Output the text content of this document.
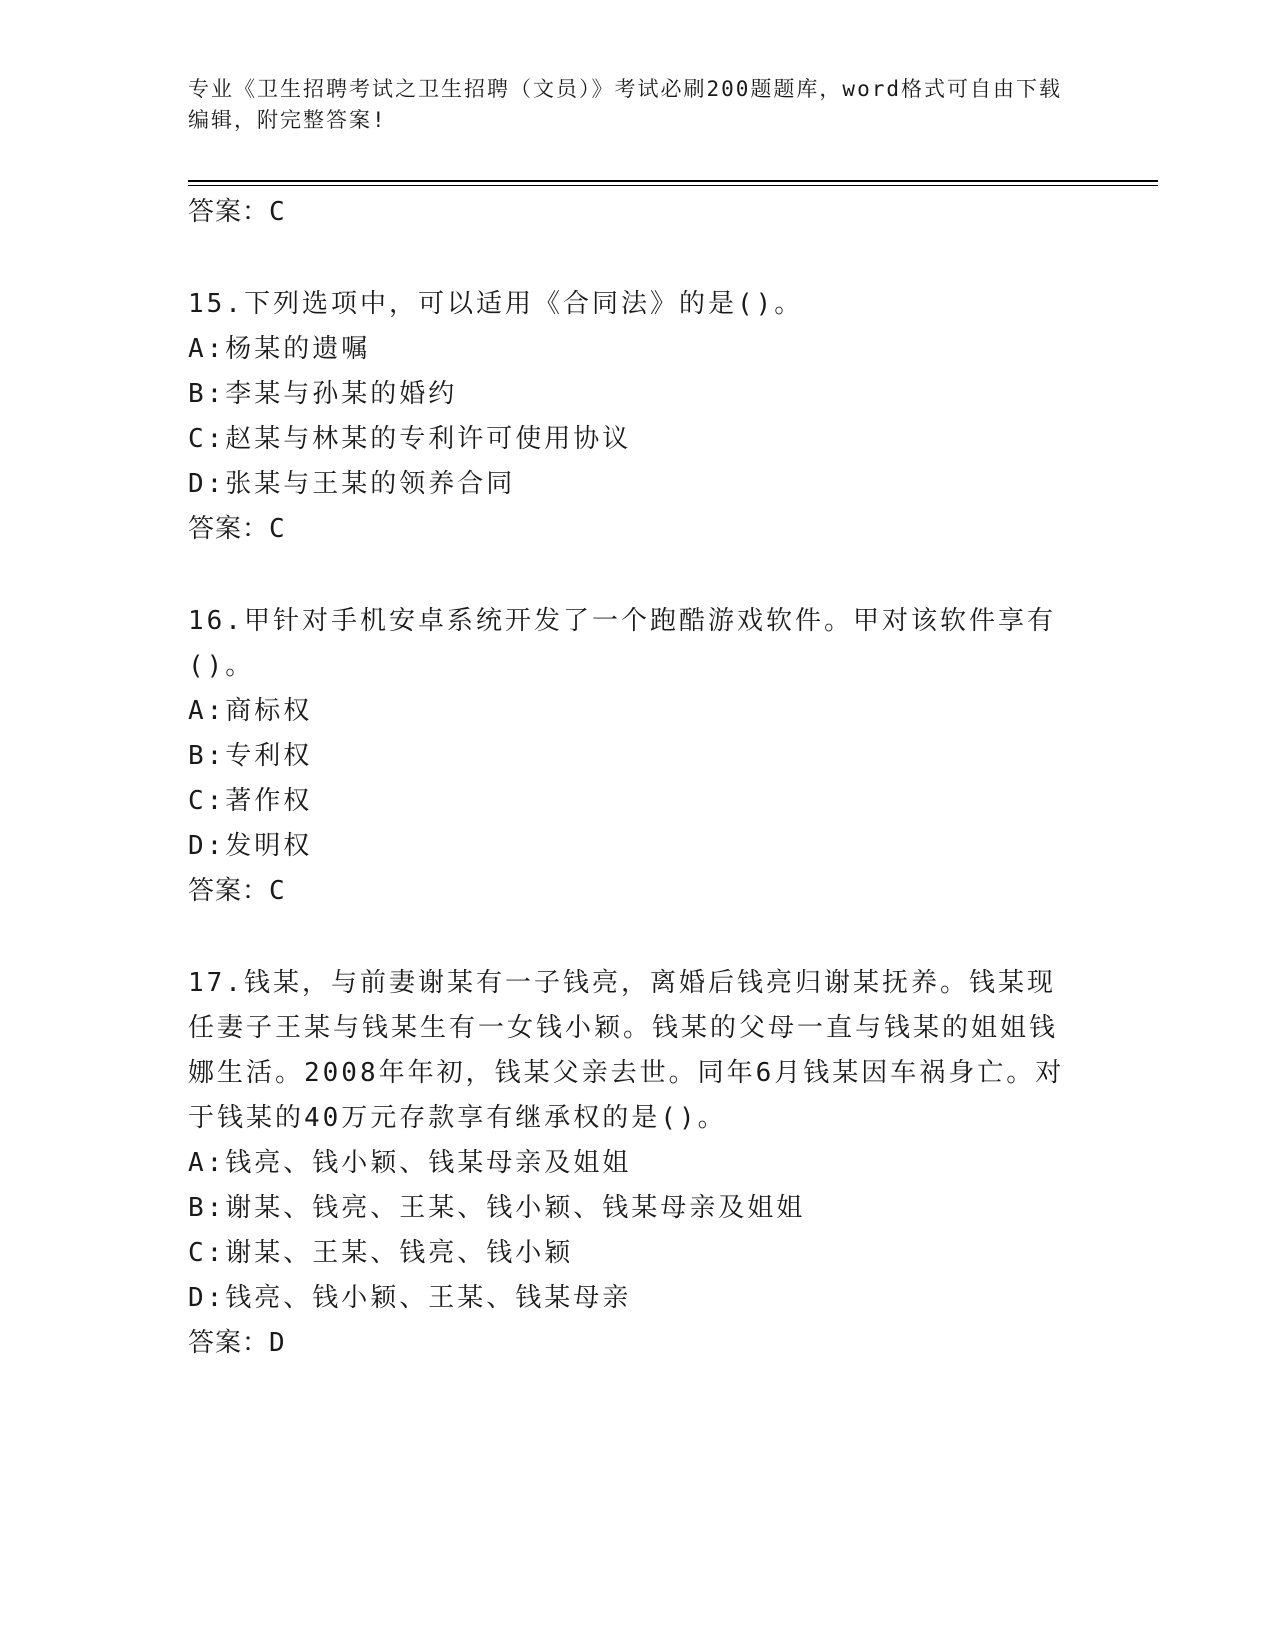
专业《卫生招聘考试之卫生招聘（文员）》考试必刷200题题库，word格式可自由下载编辑，附完整答案!
答案：C
15.下列选项中，可以适用《合同法》的是()。
A:杨某的遗嘱
B:李某与孙某的婚约
C:赵某与林某的专利许可使用协议
D:张某与王某的领养合同
答案：C
16.甲针对手机安卓系统开发了一个跑酷游戏软件。甲对该软件享有()。
A:商标权
B:专利权
C:著作权
D:发明权
答案：C
17.钱某，与前妻谢某有一子钱亮，离婚后钱亮归谢某抚养。钱某现任妻子王某与钱某生有一女钱小颖。钱某的父母一直与钱某的姐姐钱娜生活。2008年年初，钱某父亲去世。同年6月钱某因车祸身亡。对于钱某的40万元存款享有继承权的是()。
A:钱亮、钱小颖、钱某母亲及姐姐
B:谢某、钱亮、王某、钱小颖、钱某母亲及姐姐
C:谢某、王某、钱亮、钱小颖
D:钱亮、钱小颖、王某、钱某母亲
答案：D
